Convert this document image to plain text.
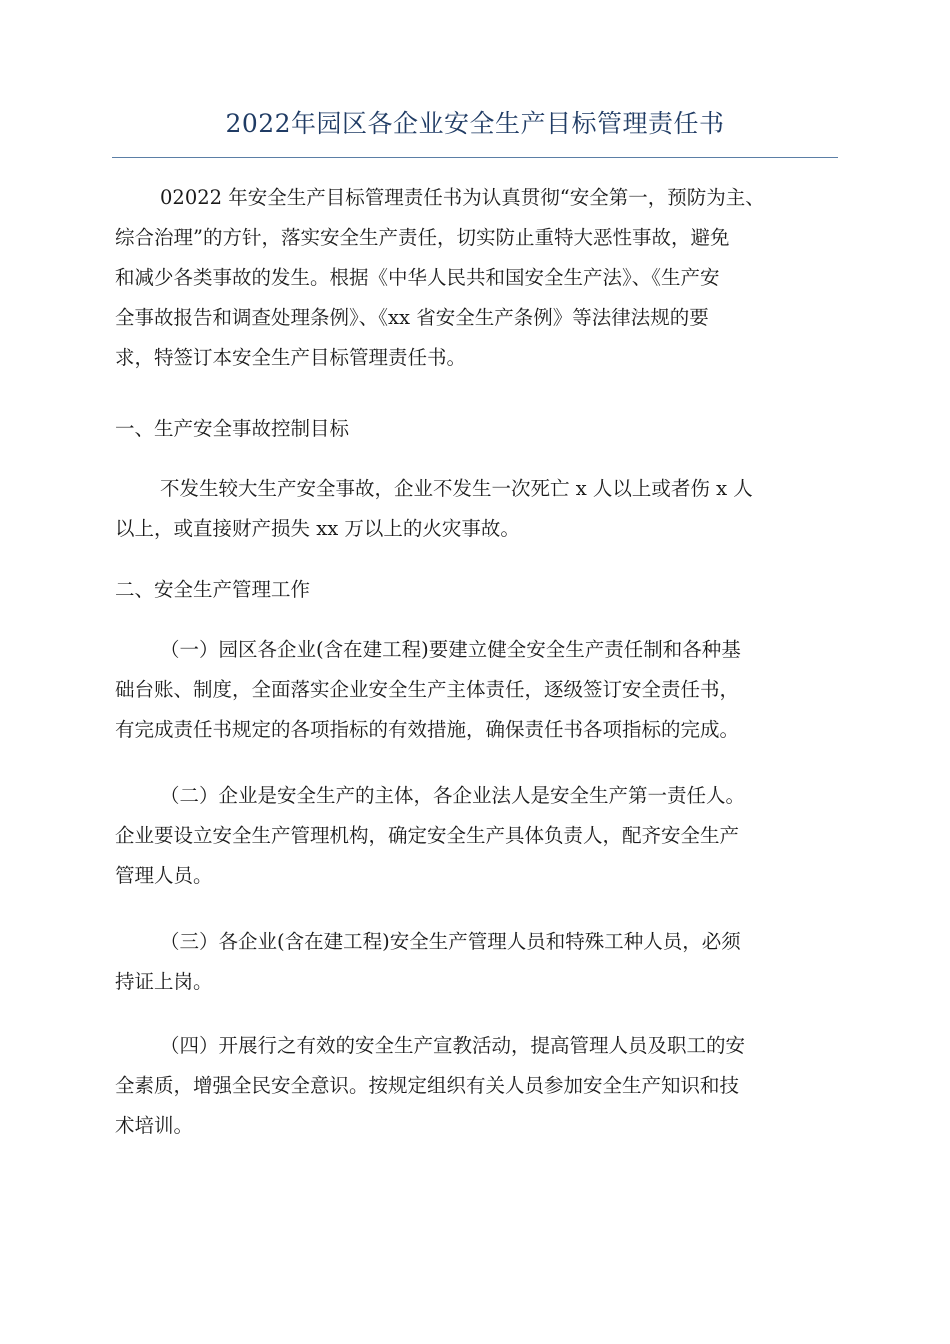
2022年园区各企业安全生产目标管理责任书

02022 年安全生产目标管理责任书为认真贯彻“安全第一，预防为主、
综合治理”的方针，落实安全生产责任，切实防止重特大恶性事故，避免
和减少各类事故的发生。根据《中华人民共和国安全生产法》、《生产安
全事故报告和调查处理条例》、《xx 省安全生产条例》等法律法规的要
求，特签订本安全生产目标管理责任书。

一、生产安全事故控制目标

不发生较大生产安全事故，企业不发生一次死亡 x 人以上或者伤 x 人
以上，或直接财产损失 xx 万以上的火灾事故。

二、安全生产管理工作

（一）园区各企业(含在建工程)要建立健全安全生产责任制和各种基
础台账、制度，全面落实企业安全生产主体责任，逐级签订安全责任书，
有完成责任书规定的各项指标的有效措施，确保责任书各项指标的完成。

（二）企业是安全生产的主体，各企业法人是安全生产第一责任人。
企业要设立安全生产管理机构，确定安全生产具体负责人，配齐安全生产
管理人员。

（三）各企业(含在建工程)安全生产管理人员和特殊工种人员，必须
持证上岗。

（四）开展行之有效的安全生产宣教活动，提高管理人员及职工的安
全素质，增强全民安全意识。按规定组织有关人员参加安全生产知识和技
术培训。
